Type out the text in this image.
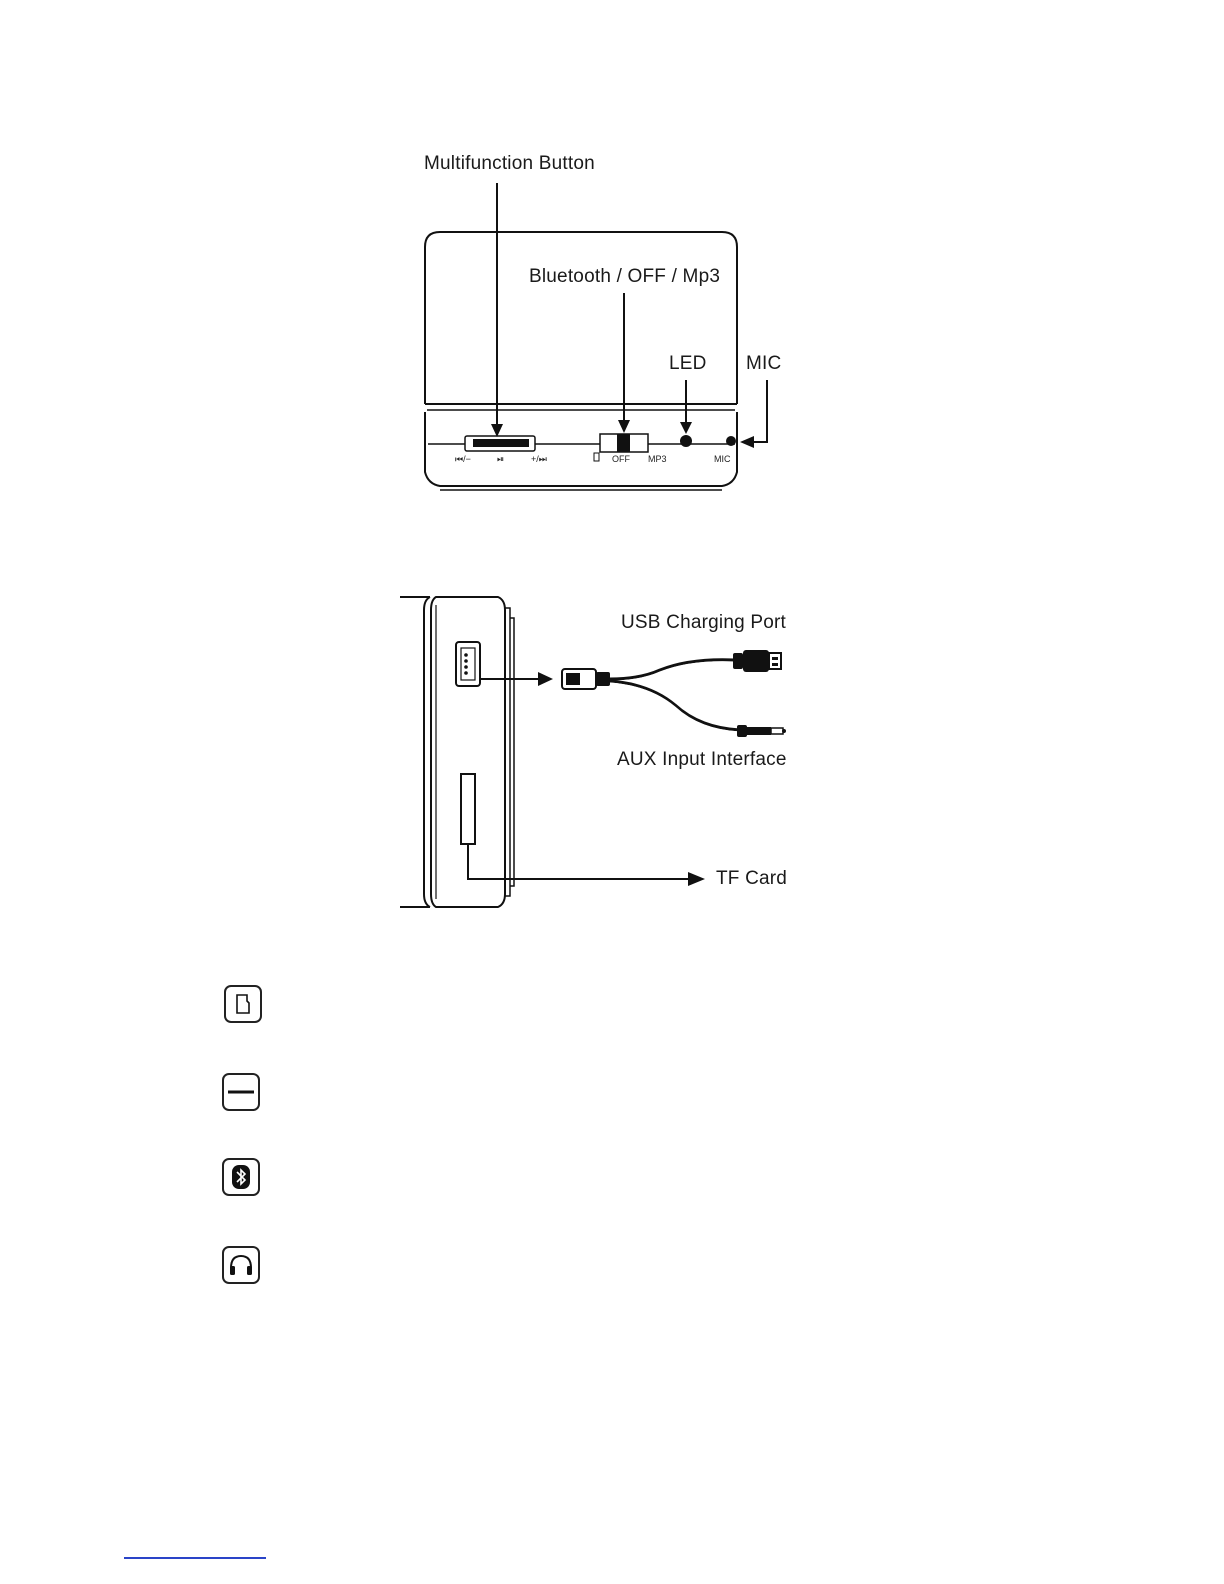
⏮/−	⏯	+/⏭	OFF MP3	MIC
Multifunction Button
Bluetooth / OFF / Mp3
LED MIC
USB Charging Port
AUX Input Interface
TF Card
